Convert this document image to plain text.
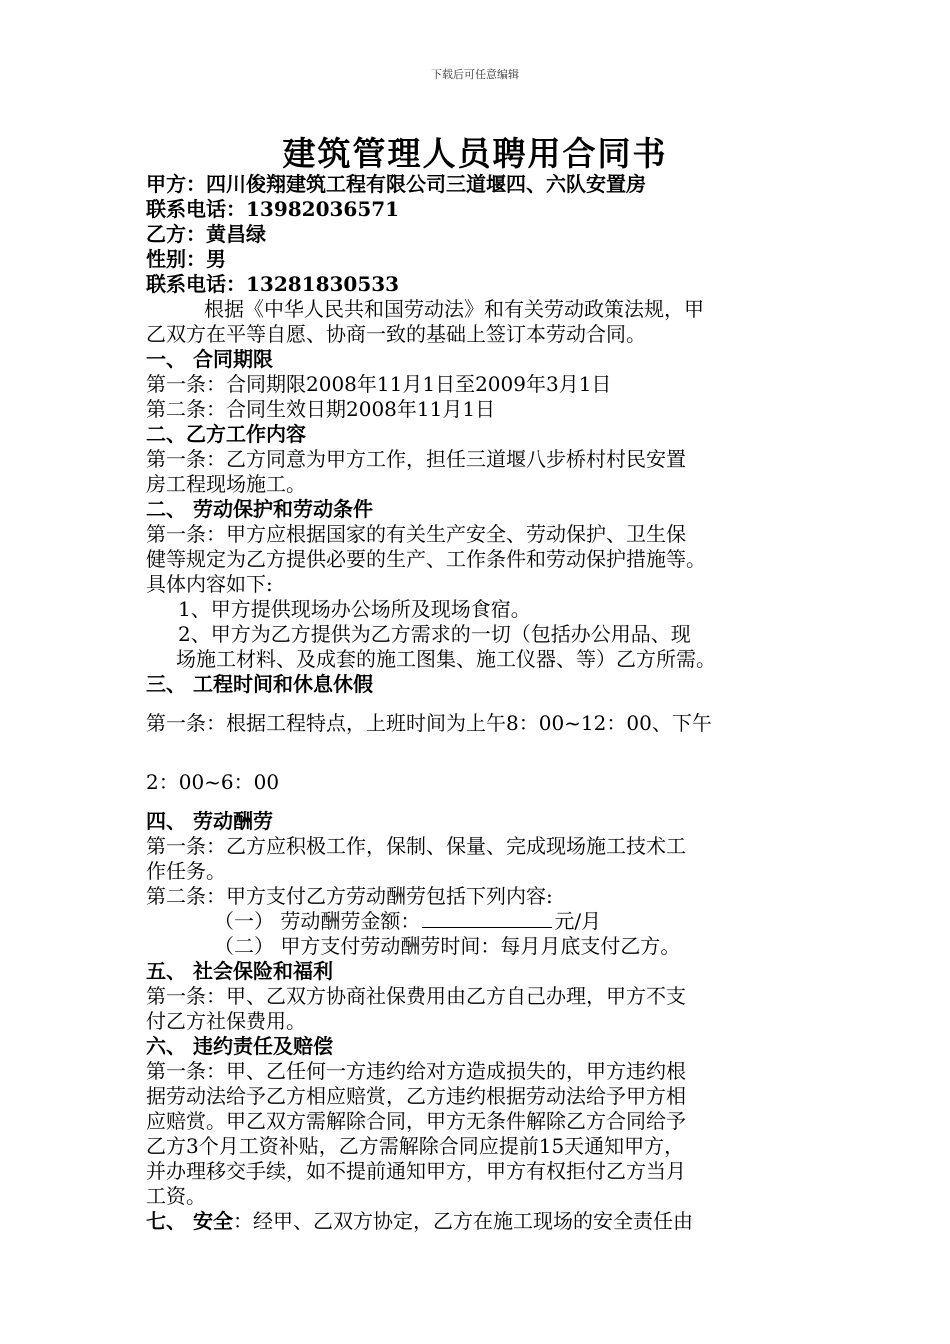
下载后可任意编辑
建筑管理人员聘用合同书
甲方：四川俊翔建筑工程有限公司三道堰四、六队安置房
联系电话：13982036571
乙方：黄昌绿
性别：男
联系电话：13281830533
根据《中华人民共和国劳动法》和有关劳动政策法规，甲
乙双方在平等自愿、协商一致的基础上签订本劳动合同。
一、 合同期限
第一条：合同期限2008年11月1日至2009年3月1日
第二条：合同生效日期2008年11月1日
二、乙方工作内容
第一条：乙方同意为甲方工作，担任三道堰八步桥村村民安置
房工程现场施工。
二、 劳动保护和劳动条件
第一条：甲方应根据国家的有关生产安全、劳动保护、卫生保
健等规定为乙方提供必要的生产、工作条件和劳动保护措施等。
具体内容如下:
1、甲方提供现场办公场所及现场食宿。
2、甲方为乙方提供为乙方需求的一切（包括办公用品、现
场施工材料、及成套的施工图集、施工仪器、等）乙方所需。
三、 工程时间和休息休假
第一条：根据工程特点，上班时间为上午8：00~12：00、下午
2：00~6：00
四、 劳动酬劳
第一条：乙方应积极工作，保制、保量、完成现场施工技术工
作任务。
第二条：甲方支付乙方劳动酬劳包括下列内容:
（一） 劳动酬劳金额：	元/月
（二） 甲方支付劳动酬劳时间：每月月底支付乙方。
五、 社会保险和福利
第一条：甲、乙双方协商社保费用由乙方自己办理，甲方不支
付乙方社保费用。
六、 违约责任及赔偿
第一条：甲、乙任何一方违约给对方造成损失的，甲方违约根
据劳动法给予乙方相应赔赏，乙方违约根据劳动法给予甲方相
应赔赏。甲乙双方需解除合同，甲方无条件解除乙方合同给予
乙方3个月工资补贴，乙方需解除合同应提前15天通知甲方，
并办理移交手续，如不提前通知甲方，甲方有权拒付乙方当月
工资。
七、 安全：经甲、乙双方协定，乙方在施工现场的安全责任由
